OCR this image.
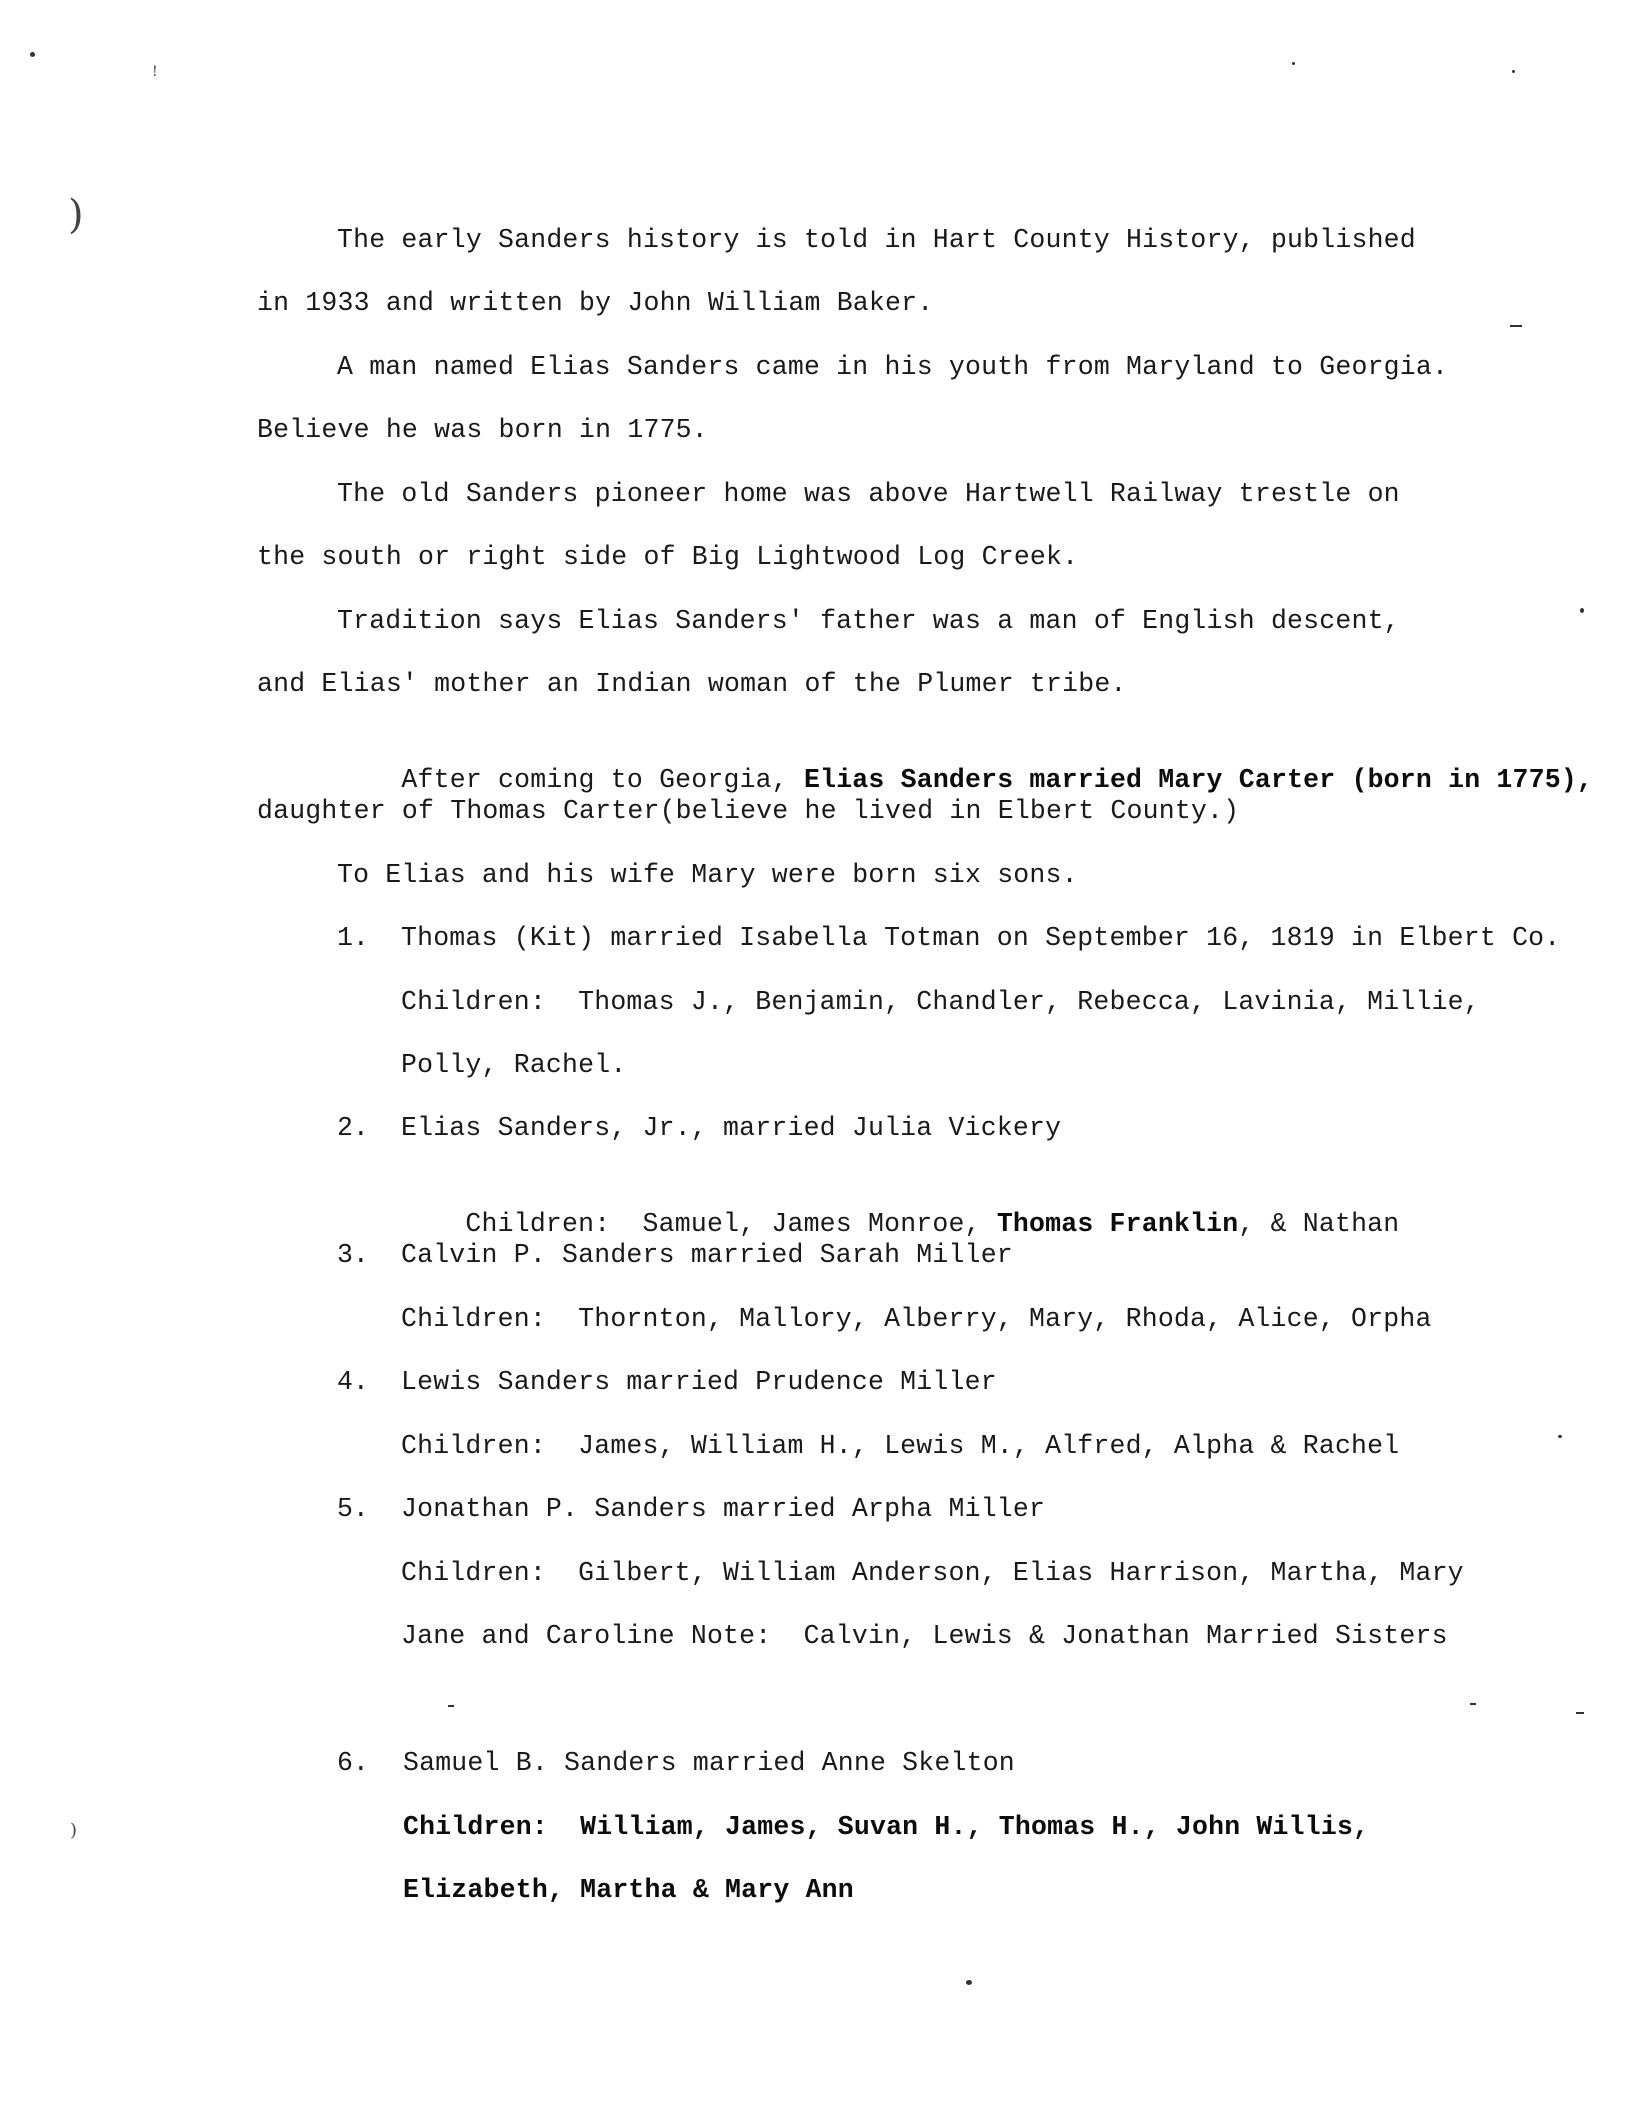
)
)
!
The early Sanders history is told in Hart County History, published
in 1933 and written by John William Baker.
A man named Elias Sanders came in his youth from Maryland to Georgia.
Believe he was born in 1775.
The old Sanders pioneer home was above Hartwell Railway trestle on
the south or right side of Big Lightwood Log Creek.
Tradition says Elias Sanders' father was a man of English descent,
and Elias' mother an Indian woman of the Plumer tribe.

After coming to Georgia, Elias Sanders married Mary Carter (born in 1775),

daughter of Thomas Carter(believe he lived in Elbert County.)
To Elias and his wife Mary were born six sons.
1. Thomas (Kit) married Isabella Totman on September 16, 1819 in Elbert Co.
Children:  Thomas J., Benjamin, Chandler, Rebecca, Lavinia, Millie,
Polly, Rachel.
2. Elias Sanders, Jr., married Julia Vickery

Children:  Samuel, James Monroe, Thomas Franklin, & Nathan

3. Calvin P. Sanders married Sarah Miller
Children:  Thornton, Mallory, Alberry, Mary, Rhoda, Alice, Orpha
4. Lewis Sanders married Prudence Miller
Children:  James, William H., Lewis M., Alfred, Alpha & Rachel
5. Jonathan P. Sanders married Arpha Miller
Children:  Gilbert, William Anderson, Elias Harrison, Martha, Mary
Jane and Caroline Note:  Calvin, Lewis & Jonathan Married Sisters
6. Samuel B. Sanders married Anne Skelton
Children:  William, James, Suvan H., Thomas H., John Willis,
Elizabeth, Martha & Mary Ann
